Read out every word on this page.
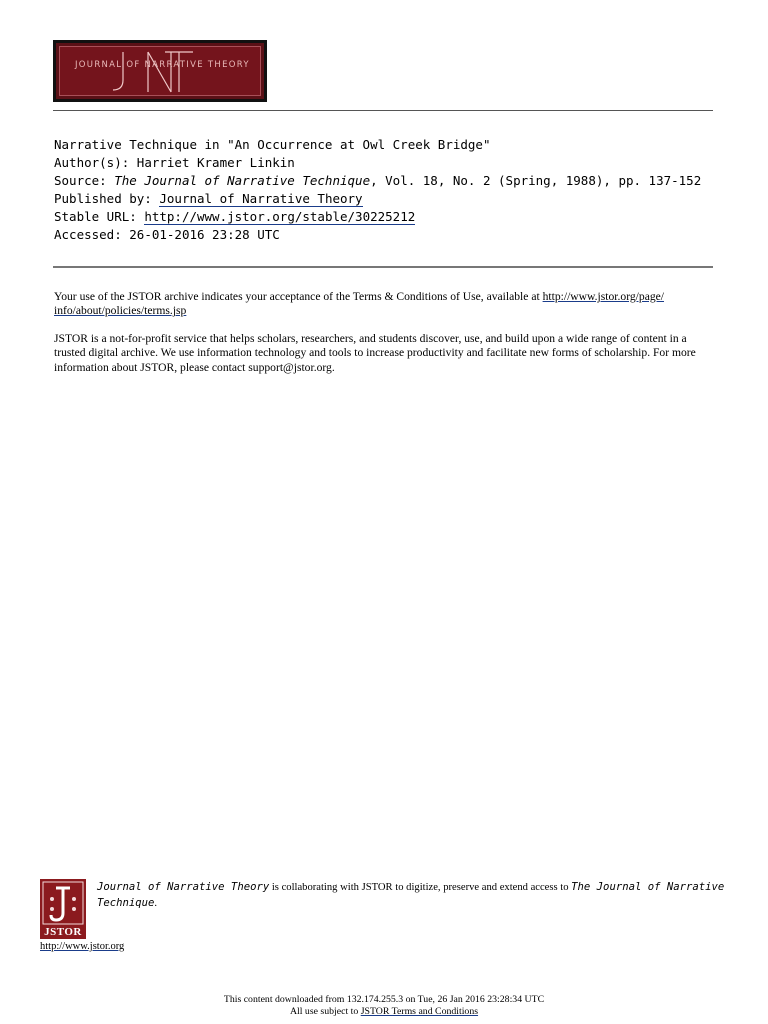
JOURNAL OF NARRATIVE THEORY
Narrative Technique in "An Occurrence at Owl Creek Bridge"
Author(s): Harriet Kramer Linkin
Source: The Journal of Narrative Technique, Vol. 18, No. 2 (Spring, 1988), pp. 137-152
Published by: Journal of Narrative Theory
Stable URL: http://www.jstor.org/stable/30225212
Accessed: 26-01-2016 23:28 UTC
Your use of the JSTOR archive indicates your acceptance of the Terms & Conditions of Use, available at http://www.jstor.org/page/ info/about/policies/terms.jsp
JSTOR is a not-for-profit service that helps scholars, researchers, and students discover, use, and build upon a wide range of content in a trusted digital archive. We use information technology and tools to increase productivity and facilitate new forms of scholarship. For more information about JSTOR, please contact support@jstor.org.
JSTOR
http://www.jstor.org
Journal of Narrative Theory is collaborating with JSTOR to digitize, preserve and extend access to The Journal of Narrative Technique.
This content downloaded from 132.174.255.3 on Tue, 26 Jan 2016 23:28:34 UTC
All use subject to JSTOR Terms and Conditions
